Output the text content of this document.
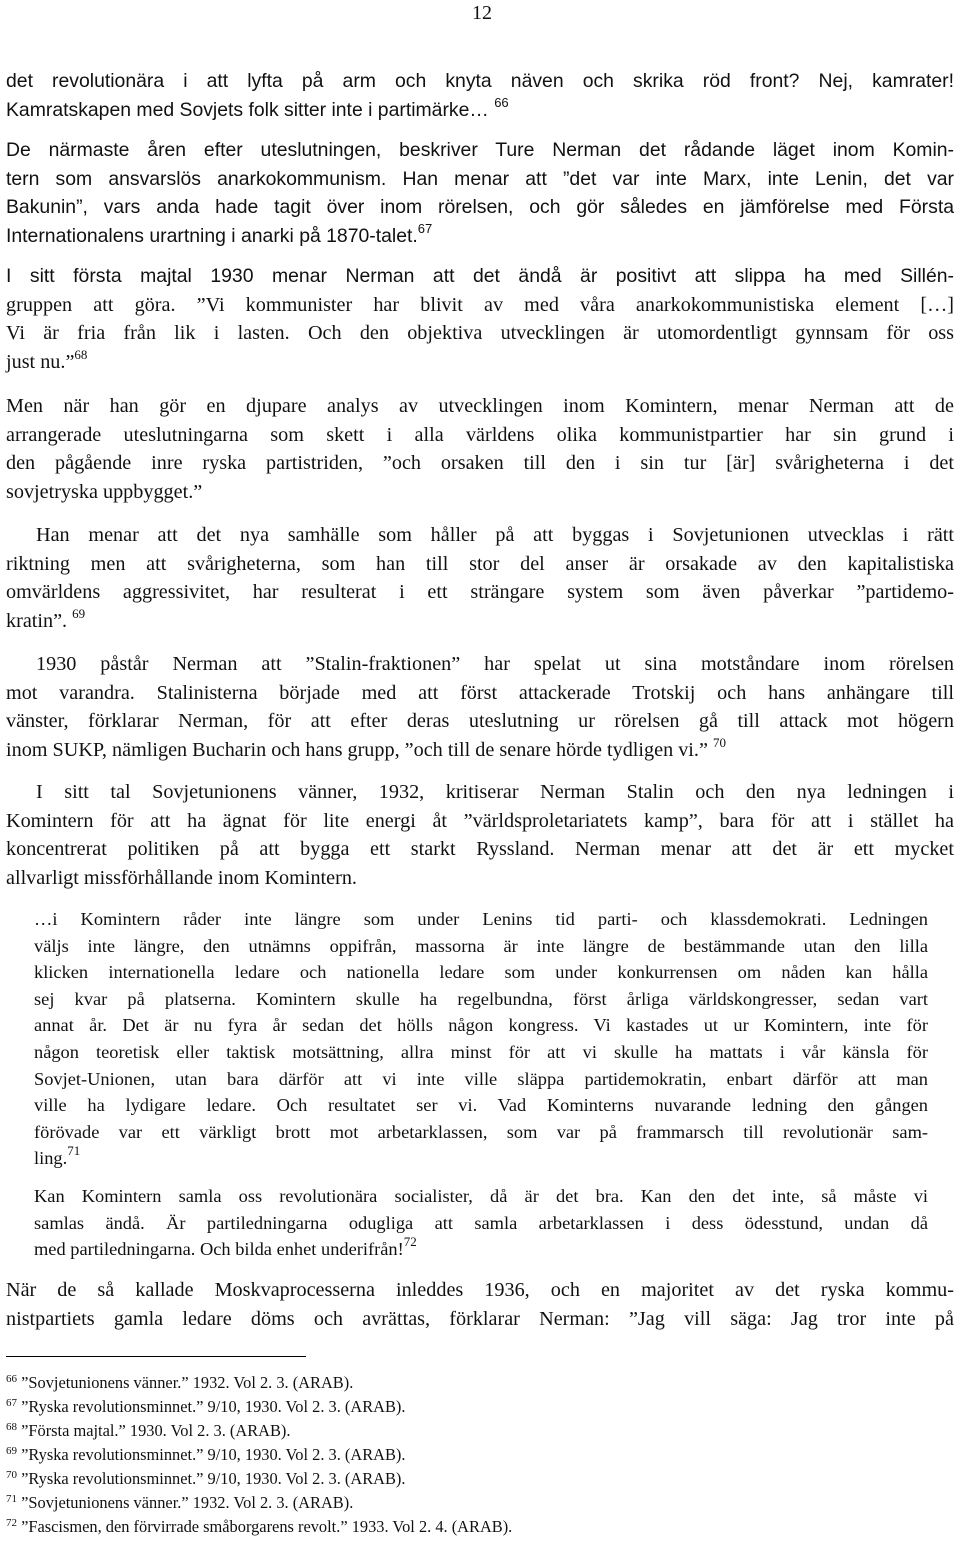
12
det revolutionära i att lyfta på arm och knyta näven och skrika röd front? Nej, kamrater!
Kamratskapen med Sovjets folk sitter inte i partimärke… $^{66}$
De närmaste åren efter uteslutningen, beskriver Ture Nerman det rådande läget inom Komin-
tern som ansvarslös anarkokommunism. Han menar att ”det var inte Marx, inte Lenin, det var
Bakunin”, vars anda hade tagit över inom rörelsen, och gör således en jämförelse med Första
Internationalens urartning i anarki på 1870-talet.$^{67}$
I sitt första majtal 1930 menar Nerman att det ändå är positivt att slippa ha med Sillén-
gruppen att göra. ”Vi kommunister har blivit av med våra anarkokommunistiska element […]
Vi är fria från lik i lasten. Och den objektiva utvecklingen är utomordentligt gynnsam för oss
just nu.”$^{68}$
Men när han gör en djupare analys av utvecklingen inom Komintern, menar Nerman att de
arrangerade uteslutningarna som skett i alla världens olika kommunistpartier har sin grund i
den pågående inre ryska partistriden, ”och orsaken till den i sin tur [är] svårigheterna i det
sovjetryska uppbygget.”
Han menar att det nya samhälle som håller på att byggas i Sovjetunionen utvecklas i rätt
riktning men att svårigheterna, som han till stor del anser är orsakade av den kapitalistiska
omvärldens aggressivitet, har resulterat i ett strängare system som även påverkar ”partidemo-
kratin”. $^{69}$
1930 påstår Nerman att ”Stalin-fraktionen” har spelat ut sina motståndare inom rörelsen
mot varandra. Stalinisterna började med att först attackerade Trotskij och hans anhängare till
vänster, förklarar Nerman, för att efter deras uteslutning ur rörelsen gå till attack mot högern
inom SUKP, nämligen Bucharin och hans grupp, ”och till de senare hörde tydligen vi.” $^{70}$
I sitt tal Sovjetunionens vänner, 1932, kritiserar Nerman Stalin och den nya ledningen i
Komintern för att ha ägnat för lite energi åt ”världsproletariatets kamp”, bara för att i stället ha
koncentrerat politiken på att bygga ett starkt Ryssland. Nerman menar att det är ett mycket
allvarligt missförhållande inom Komintern.
…i Komintern råder inte längre som under Lenins tid parti- och klassdemokrati. Ledningen
väljs inte längre, den utnämns oppifrån, massorna är inte längre de bestämmande utan den lilla
klicken internationella ledare och nationella ledare som under konkurrensen om nåden kan hålla
sej kvar på platserna. Komintern skulle ha regelbundna, först årliga världskongresser, sedan vart
annat år. Det är nu fyra år sedan det hölls någon kongress. Vi kastades ut ur Komintern, inte för
någon teoretisk eller taktisk motsättning, allra minst för att vi skulle ha mattats i vår känsla för
Sovjet-Unionen, utan bara därför att vi inte ville släppa partidemokratin, enbart därför att man
ville ha lydigare ledare. Och resultatet ser vi. Vad Kominterns nuvarande ledning den gången
förövade var ett värkligt brott mot arbetarklassen, som var på frammarsch till revolutionär sam-
ling.$^{71}$
Kan Komintern samla oss revolutionära socialister, då är det bra. Kan den det inte, så måste vi
samlas ändå. Är partiledningarna odugliga att samla arbetarklassen i dess ödesstund, undan då
med partiledningarna. Och bilda enhet underifrån!$^{72}$
När de så kallade Moskvaprocesserna inleddes 1936, och en majoritet av det ryska kommu-
nistpartiets gamla ledare döms och avrättas, förklarar Nerman: ”Jag vill säga: Jag tror inte på
$^{66}$ ”Sovjetunionens vänner.” 1932. Vol 2. 3. (ARAB).
$^{67}$ ”Ryska revolutionsminnet.” 9/10, 1930. Vol 2. 3. (ARAB).
$^{68}$ ”Första majtal.” 1930. Vol 2. 3. (ARAB).
$^{69}$ ”Ryska revolutionsminnet.” 9/10, 1930. Vol 2. 3. (ARAB).
$^{70}$ ”Ryska revolutionsminnet.” 9/10, 1930. Vol 2. 3. (ARAB).
$^{71}$ ”Sovjetunionens vänner.” 1932. Vol 2. 3. (ARAB).
$^{72}$ ”Fascismen, den förvirrade småborgarens revolt.” 1933. Vol 2. 4. (ARAB).
